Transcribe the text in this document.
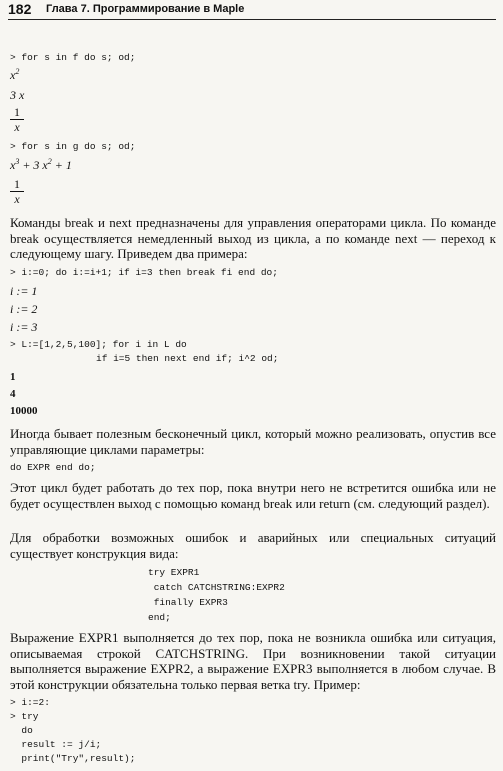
182 Глава 7. Программирование в Maple
> for s in f do s; od;
$x^2$
3 x
1
x
> for s in g do s; od;
$x^3 + 3$ $x^2 + 1$
1
x
Команды break и next предназначены для управления операторами цикла. По команде break осуществляется немедленный выход из цикла, а по команде next — переход к следующему шагу. Приведем два примера:
> i:=0; do i:=i+1; if i=3 then break fi end do;
i := 1
i := 2
i := 3
> L:=[1,2,5,100]; for i in L do
if i=5 then next end if; i^2 od;
1
4
10000
Иногда бывает полезным бесконечный цикл, который можно реализовать, опустив все управляющие циклами параметры:
do EXPR end do;
Этот цикл будет работать до тех пор, пока внутри него не встретится ошибка или не будет осуществлен выход с помощью команд break или return (см. следующий раздел).
Для обработки возможных ошибок и аварийных или специальных ситуаций существует конструкция вида:
try EXPR1
catch CATCHSTRING:EXPR2
finally EXPR3
end;
Выражение EXPR1 выполняется до тех пор, пока не возникла ошибка или ситуация, описываемая строкой CATCHSTRING. При возникновении такой ситуации выполняется выражение EXPR2, а выражение EXPR3 выполняется в любом случае. В этой конструкции обязательна только первая ветка try. Пример:
> i:=2:
> try
do
result := j/i;
print("Try",result);
